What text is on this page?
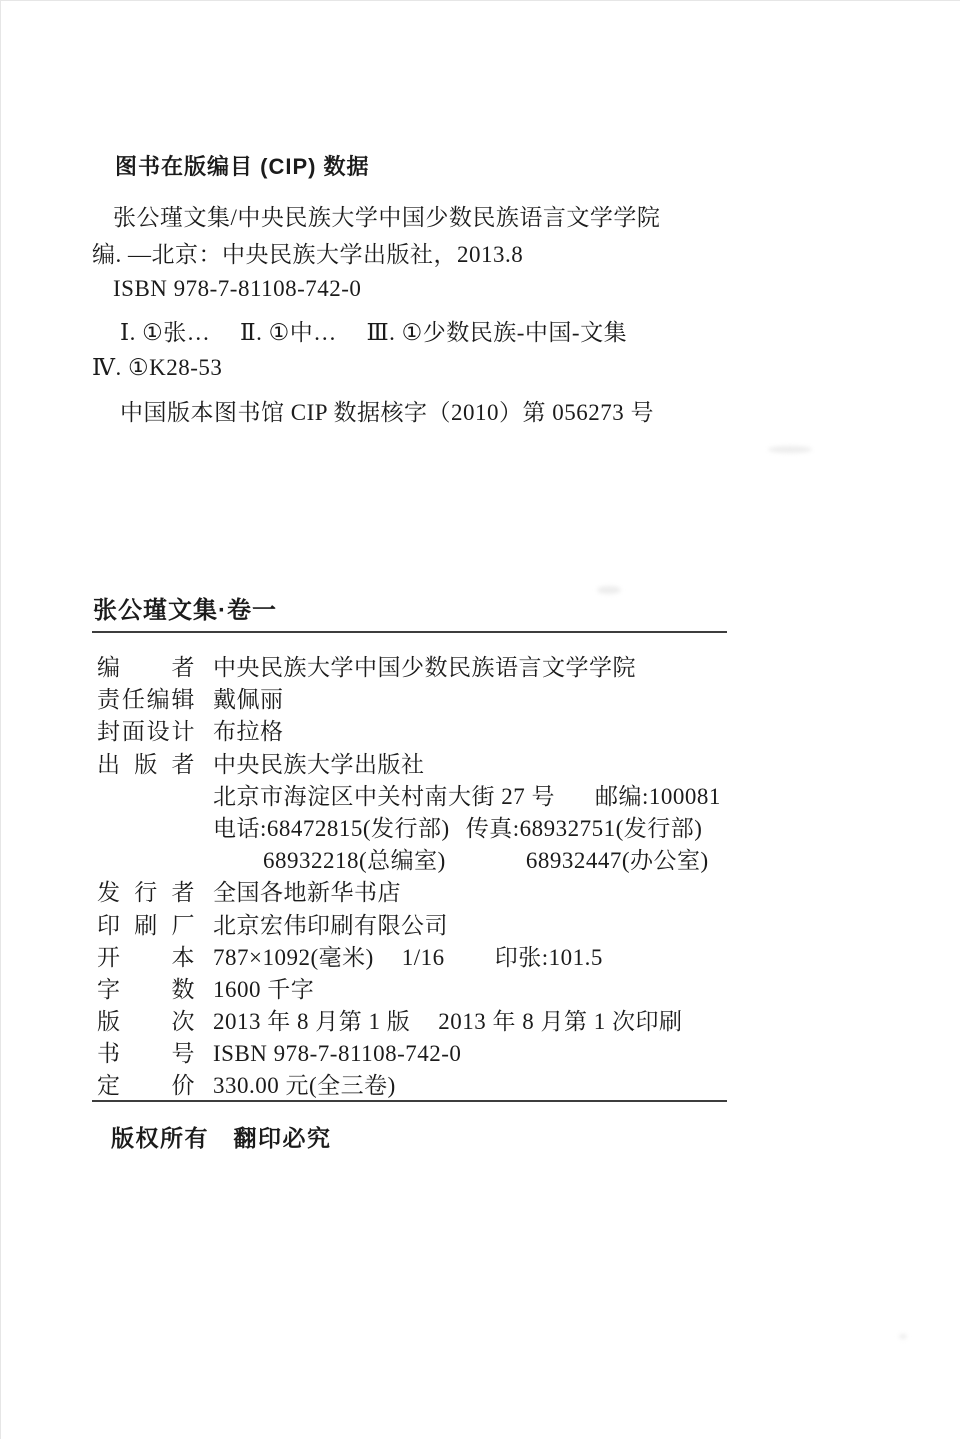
图书在版编目 (CIP) 数据
张公瑾文集/中央民族大学中国少数民族语言文学学院
编. —北京：中央民族大学出版社，2013.8
ISBN 978-7-81108-742-0
Ⅰ. ①张…　 Ⅱ. ①中…　 Ⅲ. ①少数民族-中国-文集
Ⅳ. ①K28-53
中国版本图书馆 CIP 数据核字（2010）第 056273 号
张公瑾文集·卷一
编者 中央民族大学中国少数民族语言文学学院
责任编辑 戴佩丽
封面设计 布拉格
出版者 中央民族大学出版社
北京市海淀区中关村南大街 27 号 邮编:100081
电话:68472815(发行部) 传真:68932751(发行部)
68932218(总编室)	68932447(办公室)
发行者 全国各地新华书店
印刷厂 北京宏伟印刷有限公司
开本 787×1092(毫米) 1/16 印张:101.5
字数 1600 千字
版次 2013 年 8 月第 1 版 2013 年 8 月第 1 次印刷
书号 ISBN 978-7-81108-742-0
定价 330.00 元(全三卷)
版权所有　翻印必究
